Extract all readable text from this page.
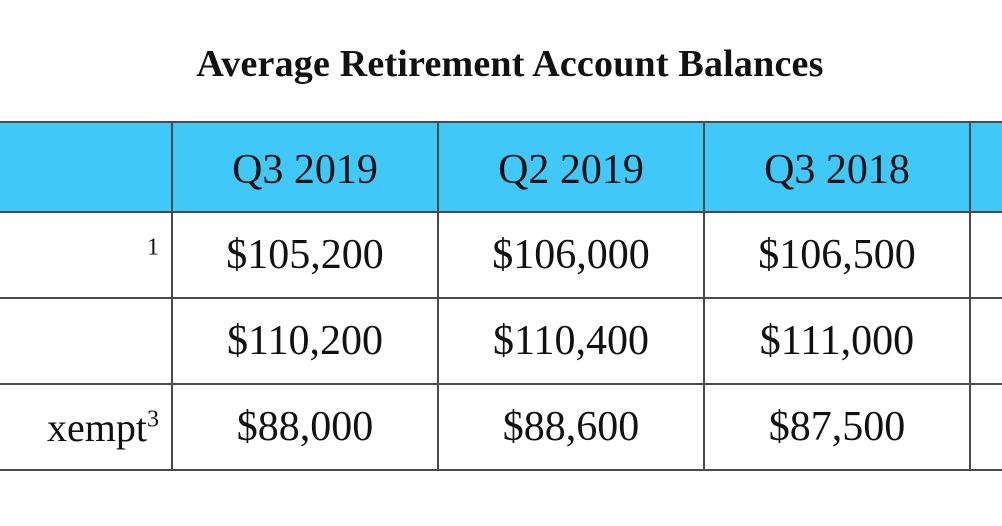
Average Retirement Account Balances
	Q3 2019	Q2 2019	Q3 2018	
$^1$	$105,200	$106,000	$106,500	
	$110,200	$110,400	$111,000	
xempt$^3$	$88,000	$88,600	$87,500	
